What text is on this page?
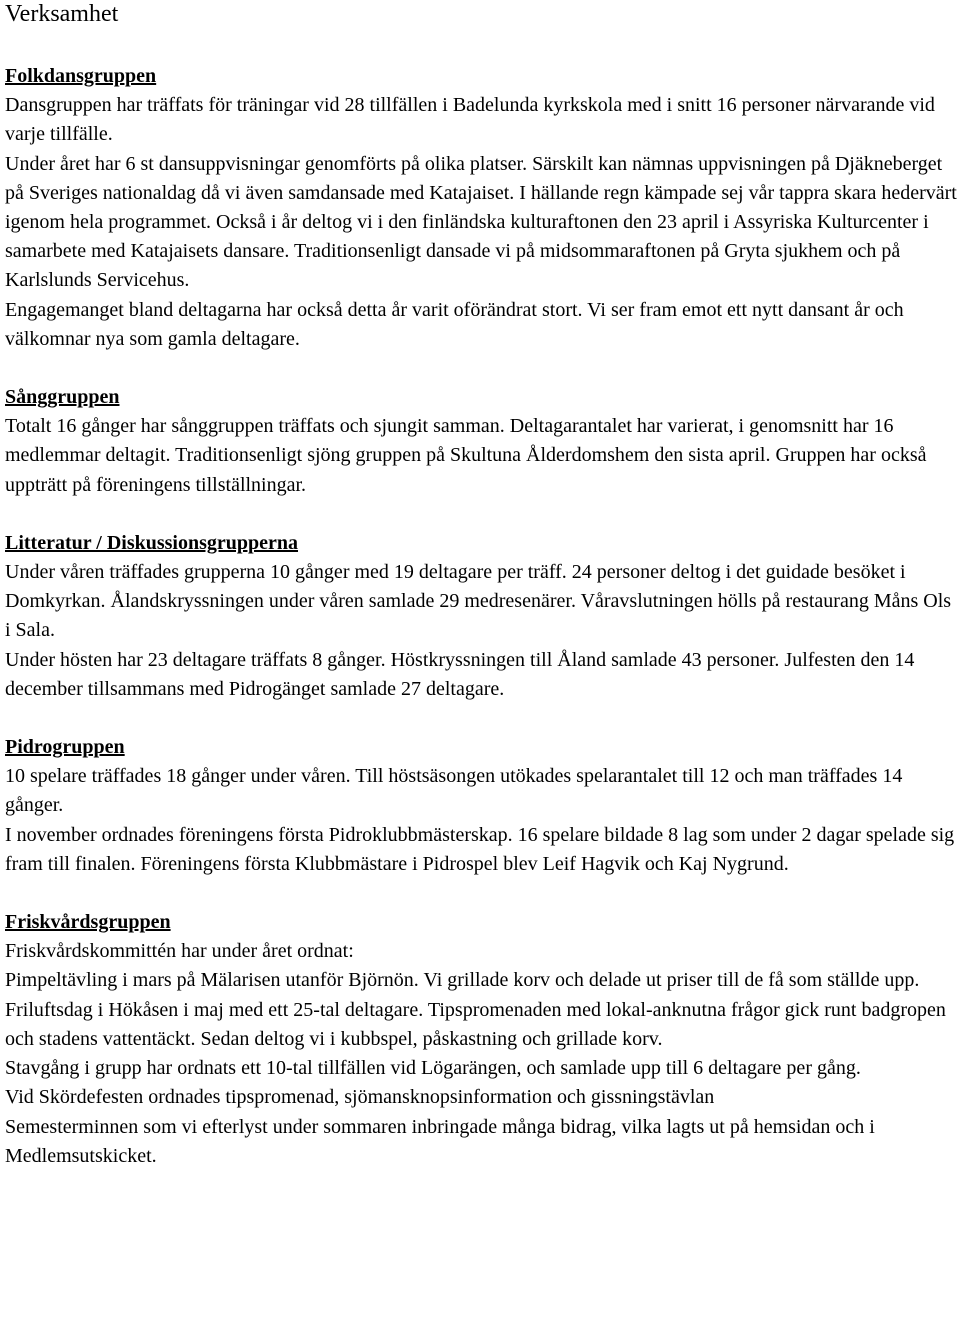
Verksamhet
Folkdansgruppen
Dansgruppen har träffats för träningar vid 28 tillfällen i Badelunda kyrkskola med i snitt 16 personer närvarande vid varje tillfälle.
Under året har 6 st dansuppvisningar genomförts på olika platser. Särskilt kan nämnas uppvisningen på Djäkneberget på Sveriges nationaldag då vi även samdansade med Katajaiset. I hällande regn kämpade sej vår tappra skara hedervärt igenom hela programmet. Också i år deltog vi i den finländska kulturaftonen den 23 april i Assyriska Kulturcenter i samarbete med Katajaisets dansare. Traditionsenligt dansade vi på midsommaraftonen på Gryta sjukhem och på Karlslunds Servicehus.
Engagemanget bland deltagarna har också detta år varit oförändrat stort. Vi ser fram emot ett nytt dansant år och välkomnar nya som gamla deltagare.
Sånggruppen
Totalt 16 gånger har sånggruppen träffats och sjungit samman. Deltagarantalet har varierat, i genomsnitt har 16 medlemmar deltagit. Traditionsenligt sjöng gruppen på Skultuna Ålderdomshem den sista april. Gruppen har också uppträtt på föreningens tillställningar.
Litteratur / Diskussionsgrupperna
Under våren träffades grupperna 10 gånger med 19 deltagare per träff. 24 personer deltog i det guidade besöket i Domkyrkan. Ålandskryssningen under våren samlade 29 medresenärer. Våravslutningen hölls på restaurang Måns Ols i Sala.
Under hösten har 23 deltagare träffats 8 gånger. Höstkryssningen till Åland samlade 43 personer. Julfesten den 14 december tillsammans med Pidrogänget samlade 27 deltagare.
Pidrogruppen
10 spelare träffades 18 gånger under våren. Till höstsäsongen utökades spelarantalet till 12 och man träffades 14 gånger.
I november ordnades föreningens första Pidroklubbmästerskap. 16 spelare bildade 8 lag som under 2 dagar spelade sig fram till finalen. Föreningens första Klubbmästare i Pidrospel blev Leif Hagvik och Kaj Nygrund.
Friskvårdsgruppen
Friskvårdskommittén har under året ordnat:
Pimpeltävling i mars på Mälarisen utanför Björnön. Vi grillade korv och delade ut priser till de få som ställde upp.
Friluftsdag i Hökåsen i maj med ett 25-tal deltagare. Tipspromenaden med lokal-anknutna frågor gick runt badgropen och stadens vattentäckt. Sedan deltog vi i kubbspel, påskastning och grillade korv.
Stavgång i grupp har ordnats ett 10-tal tillfällen vid Lögarängen, och samlade upp till 6 deltagare per gång.
Vid Skördefesten ordnades tipspromenad, sjömansknopsinformation och gissningstävlan
Semesterminnen som vi efterlyst under sommaren inbringade många bidrag, vilka lagts ut på hemsidan och i Medlemsutskicket.
